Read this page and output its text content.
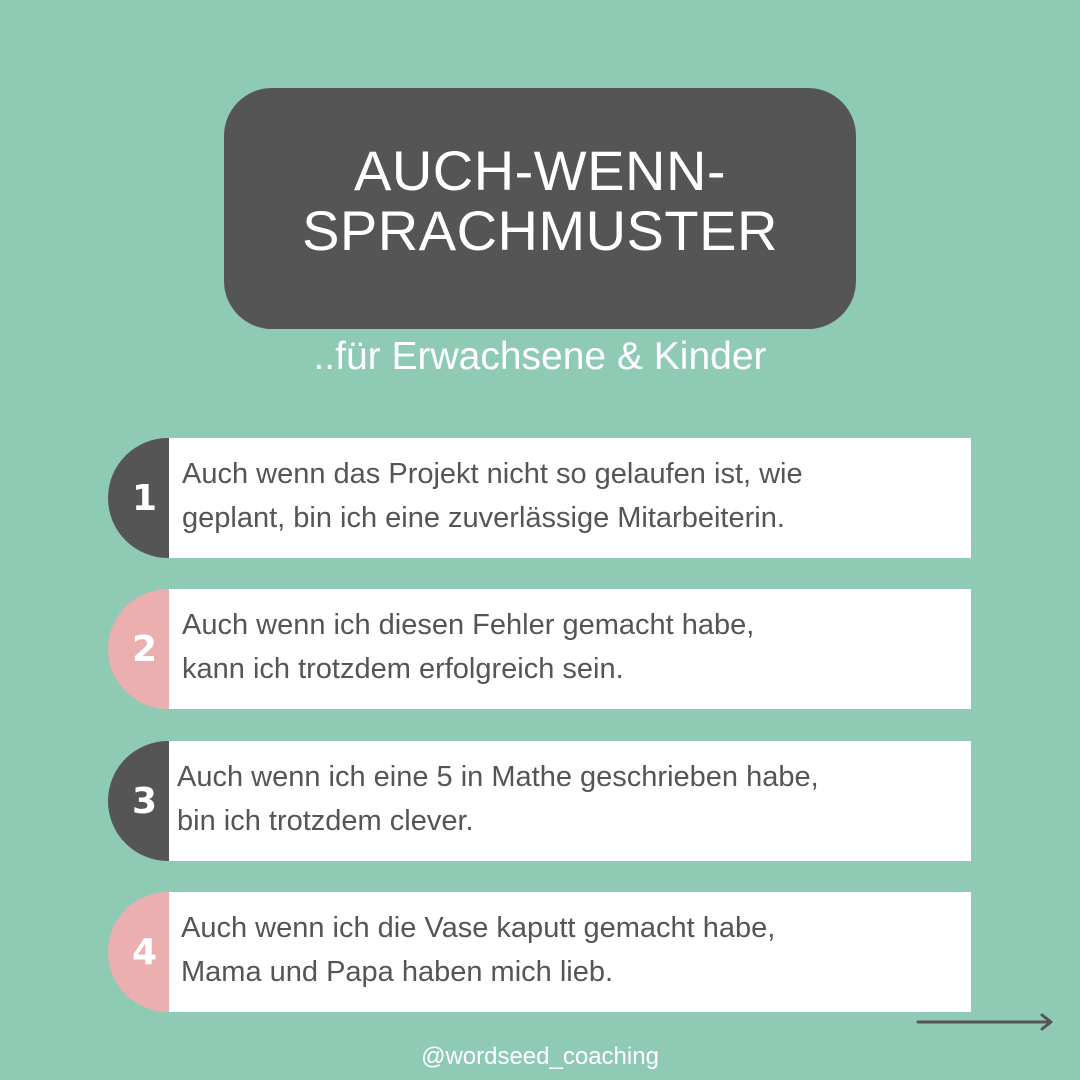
AUCH-WENN-
SPRACHMUSTER
..für Erwachsene & Kinder
1
Auch wenn das Projekt nicht so gelaufen ist, wie
geplant, bin ich eine zuverlässige Mitarbeiterin.
2
Auch wenn ich diesen Fehler gemacht habe,
kann ich trotzdem erfolgreich sein.
3
Auch wenn ich eine 5 in Mathe geschrieben habe,
bin ich trotzdem clever.
4
Auch wenn ich die Vase kaputt gemacht habe,
Mama und Papa haben mich lieb.
@wordseed_coaching
